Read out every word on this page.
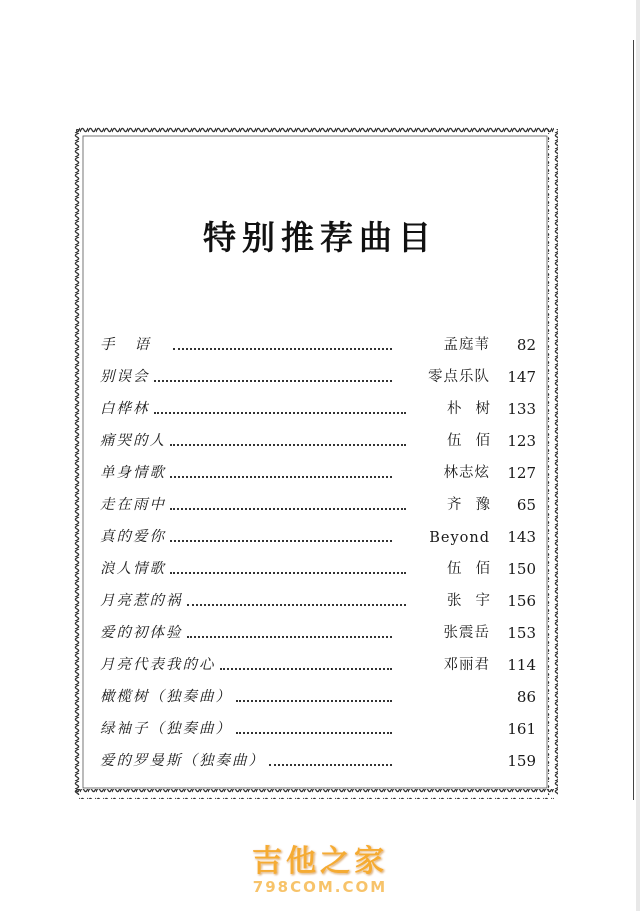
特别推荐曲目
手语	孟庭苇	82
别误会	零点乐队	147
白桦林	朴树 133
痛哭的人	伍佰 123
单身情歌	林志炫	127
走在雨中	齐豫 65
真的爱你	Beyond	143
浪人情歌	伍佰 150
月亮惹的祸	张宇 156
爱的初体验	张震岳	153
月亮代表我的心	邓丽君	114
橄榄树（独奏曲）	86
绿袖子（独奏曲）	161
爱的罗曼斯（独奏曲）	159
吉他之家
798COM.COM
